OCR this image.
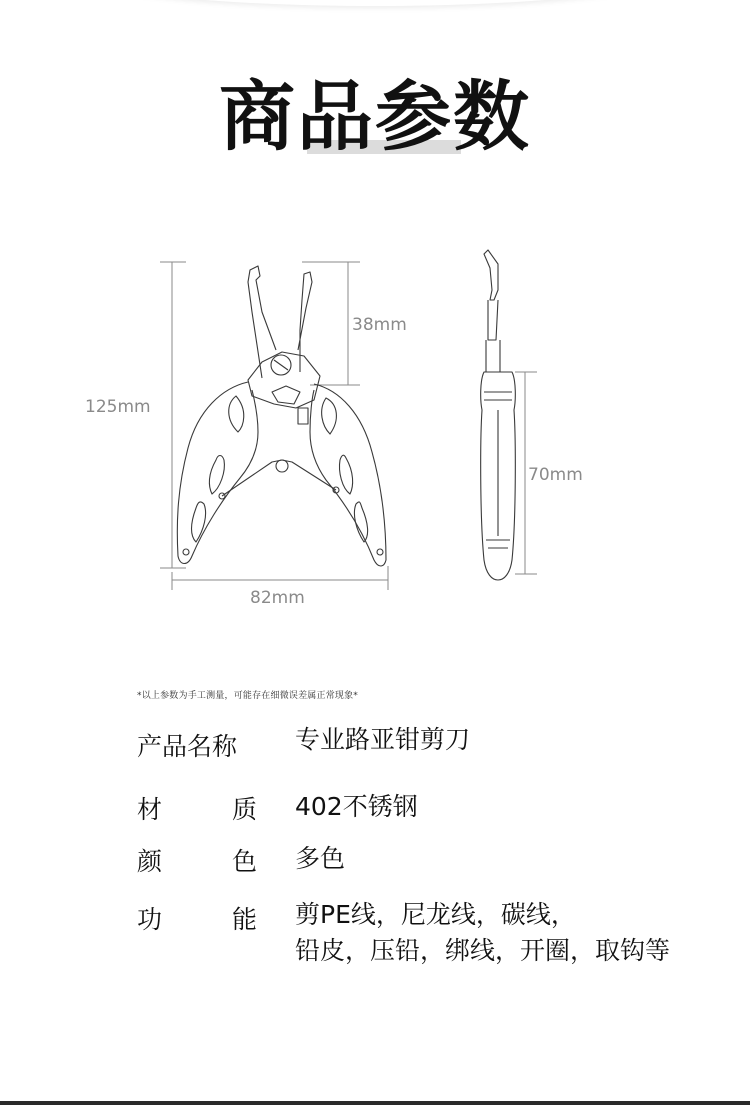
商品参数
125mm
38mm
82mm
70mm
*以上参数为手工测量，可能存在细微误差属正常现象*
产品名称 专业路亚钳剪刀
材	质 402不锈钢
颜	色 多色
功	能 剪PE线，尼龙线，碳线，
铅皮，压铅，绑线，开圈，取钩等
